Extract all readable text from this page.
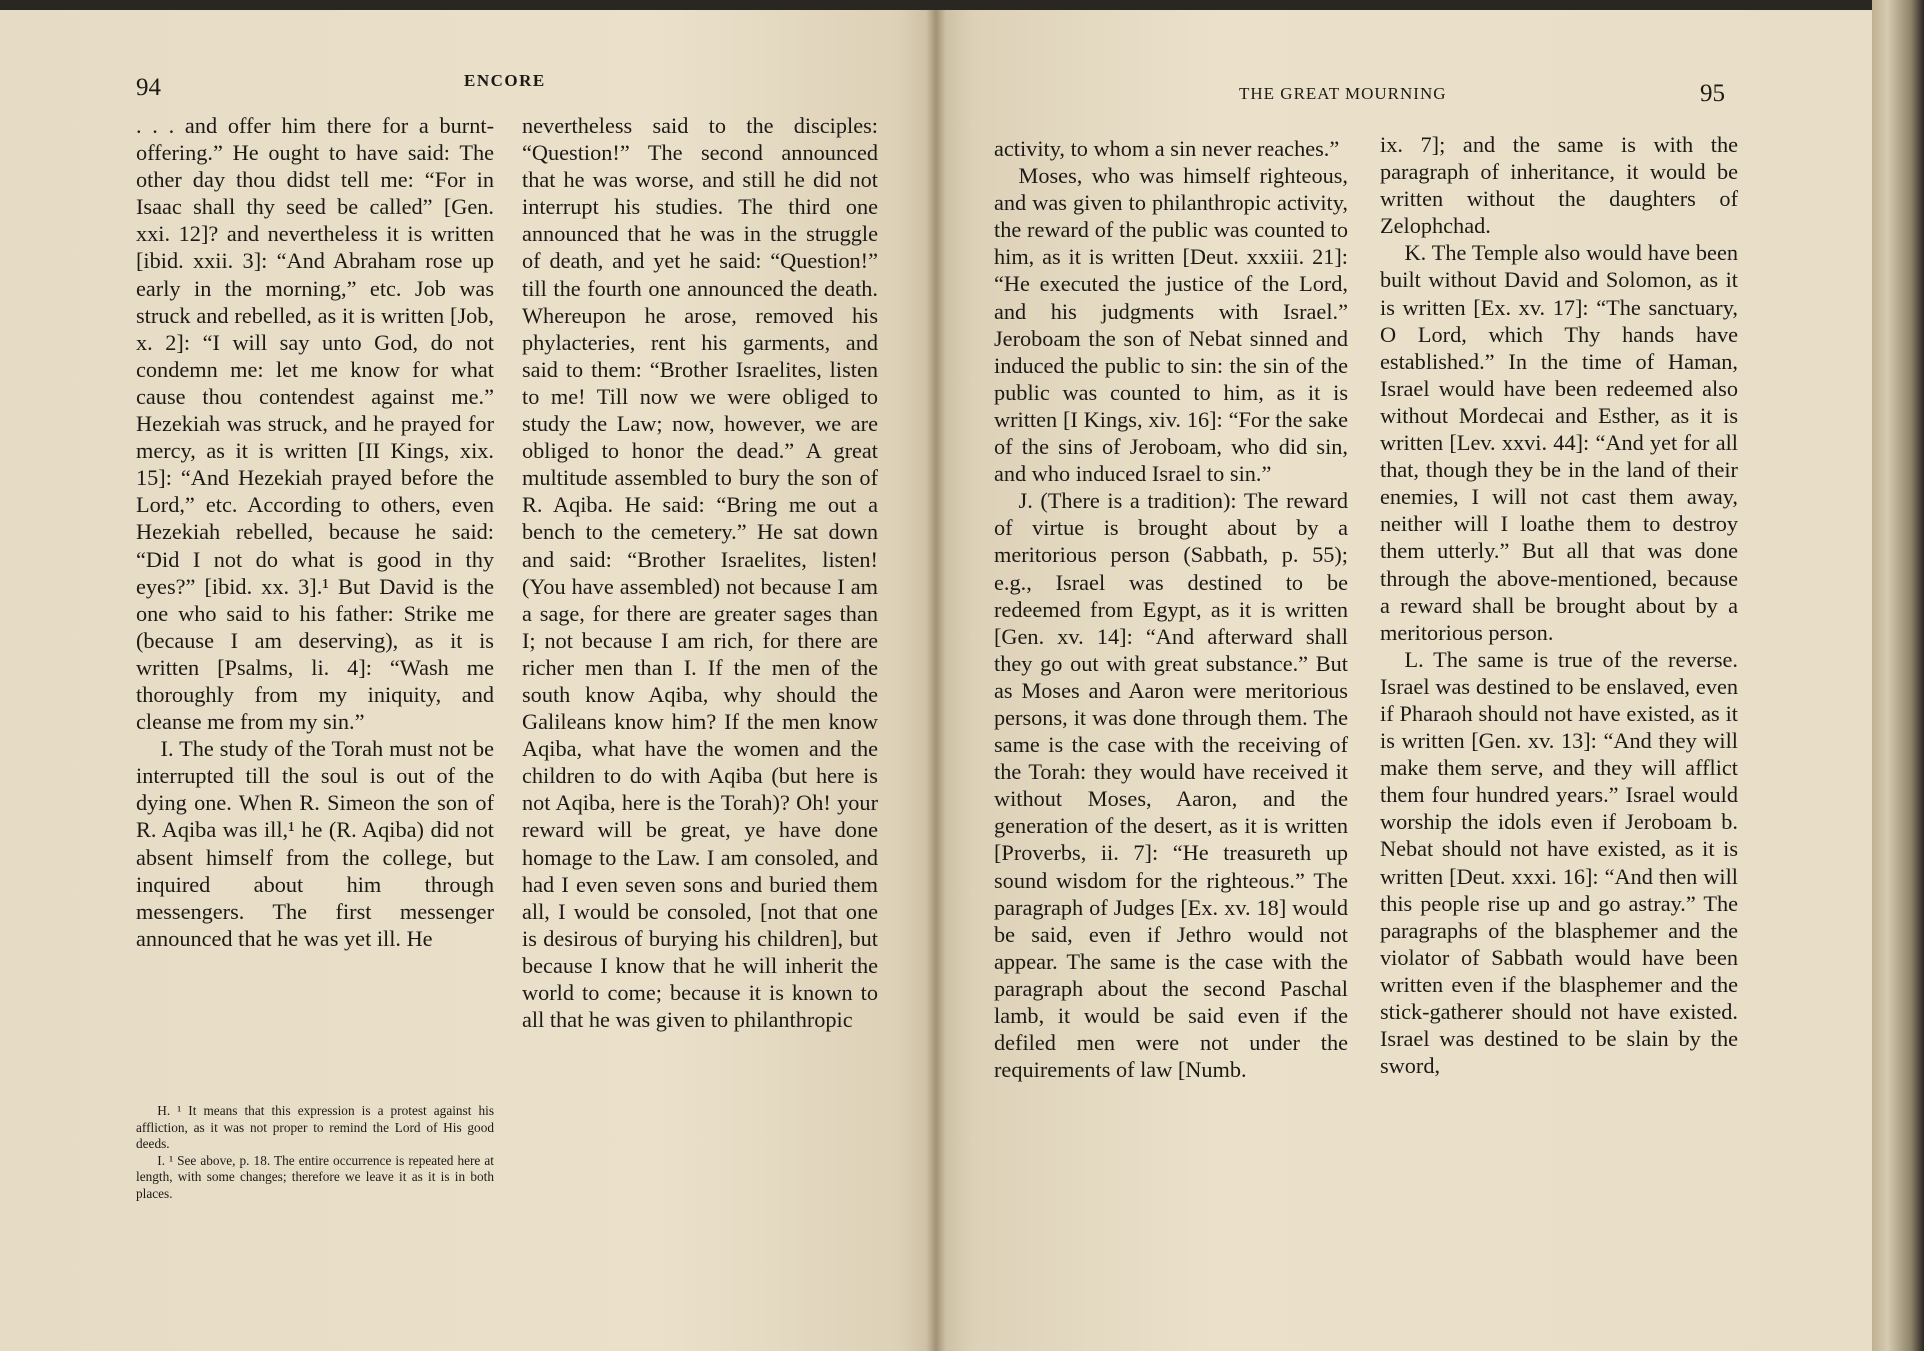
94	ENCORE

. . . and offer him there for a burnt-offering.” He ought to have said: The other day thou didst tell me: “For in Isaac shall thy seed be called” [Gen. xxi. 12]? and nevertheless it is written [ibid. xxii. 3]: “And Abraham rose up early in the morning,” etc. Job was struck and rebelled, as it is written [Job, x. 2]: “I will say unto God, do not condemn me: let me know for what cause thou contendest against me.” Hezekiah was struck, and he prayed for mercy, as it is written [II Kings, xix. 15]: “And Hezekiah prayed before the Lord,” etc. According to others, even Hezekiah rebelled, because he said: “Did I not do what is good in thy eyes?” [ibid. xx. 3].¹ But David is the one who said to his father: Strike me (because I am deserving), as it is written [Psalms, li. 4]: “Wash me thoroughly from my iniquity, and cleanse me from my sin.”

I. The study of the Torah must not be interrupted till the soul is out of the dying one. When R. Simeon the son of R. Aqiba was ill,¹ he (R. Aqiba) did not absent himself from the college, but inquired about him through messengers. The first messenger announced that he was yet ill. He

H. ¹ It means that this expression is a protest against his affliction, as it was not proper to remind the Lord of His good deeds.

I. ¹ See above, p. 18. The entire occurrence is repeated here at length, with some changes; therefore we leave it as it is in both places.

nevertheless said to the disciples: “Question!” The second announced that he was worse, and still he did not interrupt his studies. The third one announced that he was in the struggle of death, and yet he said: “Question!” till the fourth one announced the death. Whereupon he arose, removed his phylacteries, rent his garments, and said to them: “Brother Israelites, listen to me! Till now we were obliged to study the Law; now, however, we are obliged to honor the dead.” A great multitude assembled to bury the son of R. Aqiba. He said: “Bring me out a bench to the cemetery.” He sat down and said: “Brother Israelites, listen! (You have assembled) not because I am a sage, for there are greater sages than I; not because I am rich, for there are richer men than I. If the men of the south know Aqiba, why should the Galileans know him? If the men know Aqiba, what have the women and the children to do with Aqiba (but here is not Aqiba, here is the Torah)? Oh! your reward will be great, ye have done homage to the Law. I am consoled, and had I even seven sons and buried them all, I would be consoled, [not that one is desirous of burying his children], but because I know that he will inherit the world to come; because it is known to all that he was given to philanthropic

THE GREAT MOURNING	95

activity, to whom a sin never reaches.”

Moses, who was himself righteous, and was given to philanthropic activity, the reward of the public was counted to him, as it is written [Deut. xxxiii. 21]: “He executed the justice of the Lord, and his judgments with Israel.” Jeroboam the son of Nebat sinned and induced the public to sin: the sin of the public was counted to him, as it is written [I Kings, xiv. 16]: “For the sake of the sins of Jeroboam, who did sin, and who induced Israel to sin.”

J. (There is a tradition): The reward of virtue is brought about by a meritorious person (Sabbath, p. 55); e.g., Israel was destined to be redeemed from Egypt, as it is written [Gen. xv. 14]: “And afterward shall they go out with great substance.” But as Moses and Aaron were meritorious persons, it was done through them. The same is the case with the receiving of the Torah: they would have received it without Moses, Aaron, and the generation of the desert, as it is written [Proverbs, ii. 7]: “He treasureth up sound wisdom for the righteous.” The paragraph of Judges [Ex. xv. 18] would be said, even if Jethro would not appear. The same is the case with the paragraph about the second Paschal lamb, it would be said even if the defiled men were not under the requirements of law [Numb.

ix. 7]; and the same is with the paragraph of inheritance, it would be written without the daughters of Zelophchad.

K. The Temple also would have been built without David and Solomon, as it is written [Ex. xv. 17]: “The sanctuary, O Lord, which Thy hands have established.” In the time of Haman, Israel would have been redeemed also without Mordecai and Esther, as it is written [Lev. xxvi. 44]: “And yet for all that, though they be in the land of their enemies, I will not cast them away, neither will I loathe them to destroy them utterly.” But all that was done through the above-mentioned, because a reward shall be brought about by a meritorious person.

L. The same is true of the reverse. Israel was destined to be enslaved, even if Pharaoh should not have existed, as it is written [Gen. xv. 13]: “And they will make them serve, and they will afflict them four hundred years.” Israel would worship the idols even if Jeroboam b. Nebat should not have existed, as it is written [Deut. xxxi. 16]: “And then will this people rise up and go astray.” The paragraphs of the blasphemer and the violator of Sabbath would have been written even if the blasphemer and the stick-gatherer should not have existed. Israel was destined to be slain by the sword,
